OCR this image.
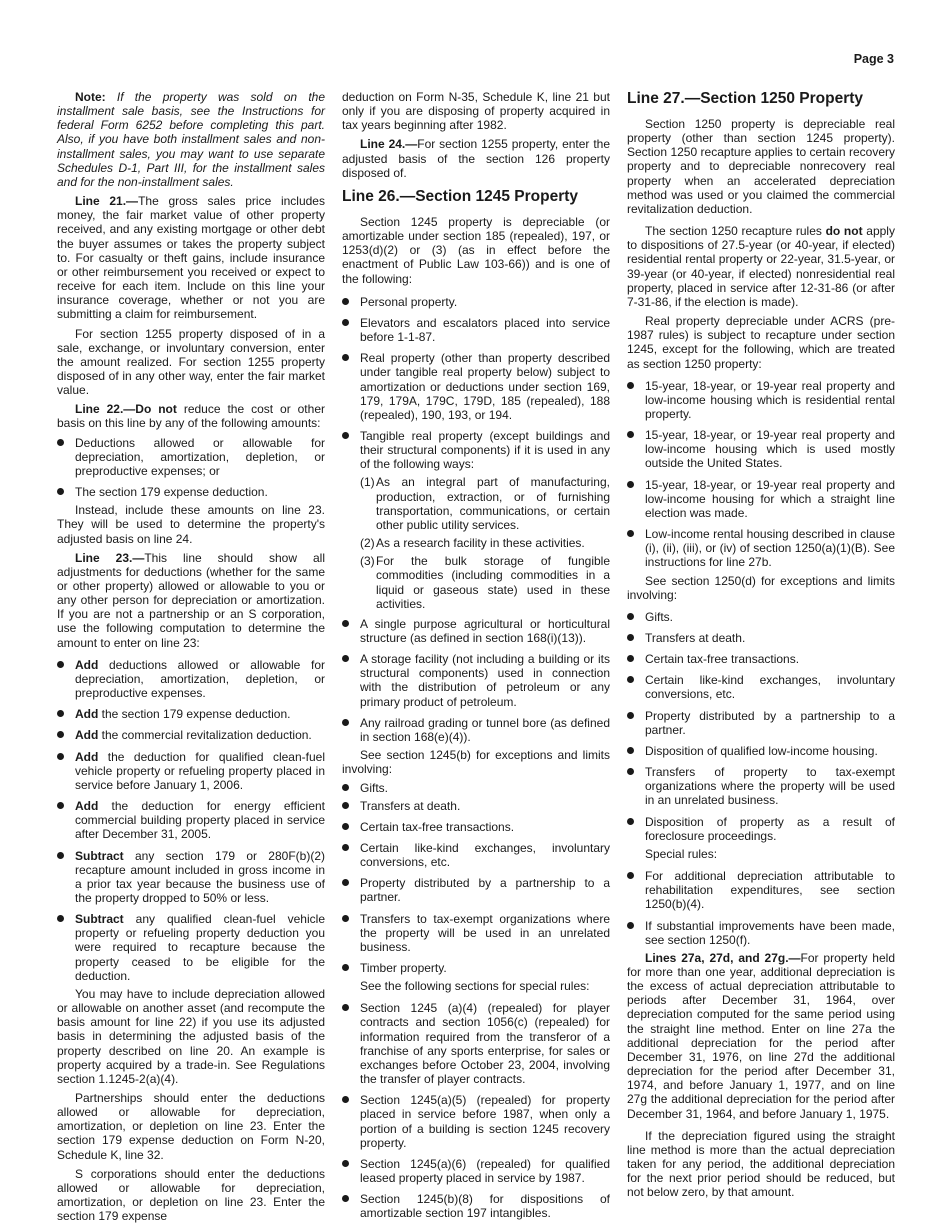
Page 3

Note: If the property was sold on the installment sale basis, see the Instructions for federal Form 6252 before completing this part. Also, if you have both installment sales and non-installment sales, you may want to use separate Schedules D-1, Part III, for the installment sales and for the non-installment sales.

Line 21.—The gross sales price includes money, the fair market value of other property received, and any existing mortgage or other debt the buyer assumes or takes the property subject to. For casualty or theft gains, include insurance or other reimbursement you received or expect to receive for each item. Include on this line your insurance coverage, whether or not you are submitting a claim for reimbursement.

For section 1255 property disposed of in a sale, exchange, or involuntary conversion, enter the amount realized. For section 1255 property disposed of in any other way, enter the fair market value.

Line 22.—Do not reduce the cost or other basis on this line by any of the following amounts:

Deductions allowed or allowable for depreciation, amortization, depletion, or preproductive expenses; or
The section 179 expense deduction.

Instead, include these amounts on line 23. They will be used to determine the property's adjusted basis on line 24.

Line 23.—This line should show all adjustments for deductions (whether for the same or other property) allowed or allowable to you or any other person for depreciation or amortization. If you are not a partnership or an S corporation, use the following computation to determine the amount to enter on line 23:

Add deductions allowed or allowable for depreciation, amortization, depletion, or preproductive expenses.
Add the section 179 expense deduction.
Add the commercial revitalization deduction.
Add the deduction for qualified clean-fuel vehicle property or refueling property placed in service before January 1, 2006.
Add the deduction for energy efficient commercial building property placed in service after December 31, 2005.
Subtract any section 179 or 280F(b)(2) recapture amount included in gross income in a prior tax year because the business use of the property dropped to 50% or less.
Subtract any qualified clean-fuel vehicle property or refueling property deduction you were required to recapture because the property ceased to be eligible for the deduction.

You may have to include depreciation allowed or allowable on another asset (and recompute the basis amount for line 22) if you use its adjusted basis in determining the adjusted basis of the property described on line 20. An example is property acquired by a trade-in. See Regulations section 1.1245-2(a)(4).

Partnerships should enter the deductions allowed or allowable for depreciation, amortization, or depletion on line 23. Enter the section 179 expense deduction on Form N-20, Schedule K, line 32.

S corporations should enter the deductions allowed or allowable for depreciation, amortization, or depletion on line 23. Enter the section 179 expense

deduction on Form N-35, Schedule K, line 21 but only if you are disposing of property acquired in tax years beginning after 1982.

Line 24.—For section 1255 property, enter the adjusted basis of the section 126 property disposed of.

Line 26.—Section 1245 Property

Section 1245 property is depreciable (or amortizable under section 185 (repealed), 197, or 1253(d)(2) or (3) (as in effect before the enactment of Public Law 103-66)) and is one of the following:

Personal property.
Elevators and escalators placed into service before 1-1-87.
Real property (other than property described under tangible real property below) subject to amortization or deductions under section 169, 179, 179A, 179C, 179D, 185 (repealed), 188 (repealed), 190, 193, or 194.
Tangible real property (except buildings and their structural components) if it is used in any of the following ways:
(1) As an integral part of manufacturing, production, extraction, or of furnishing transportation, communications, or certain other public utility services.
(2) As a research facility in these activities.
(3) For the bulk storage of fungible commodities (including commodities in a liquid or gaseous state) used in these activities.
A single purpose agricultural or horticultural structure (as defined in section 168(i)(13)).
A storage facility (not including a building or its structural components) used in connection with the distribution of petroleum or any primary product of petroleum.
Any railroad grading or tunnel bore (as defined in section 168(e)(4)).

See section 1245(b) for exceptions and limits involving:

Gifts.
Transfers at death.
Certain tax-free transactions.
Certain like-kind exchanges, involuntary conversions, etc.
Property distributed by a partnership to a partner.
Transfers to tax-exempt organizations where the property will be used in an unrelated business.
Timber property.

See the following sections for special rules:

Section 1245 (a)(4) (repealed) for player contracts and section 1056(c) (repealed) for information required from the transferor of a franchise of any sports enterprise, for sales or exchanges before October 23, 2004, involving the transfer of player contracts.
Section 1245(a)(5) (repealed) for property placed in service before 1987, when only a portion of a building is section 1245 recovery property.
Section 1245(a)(6) (repealed) for qualified leased property placed in service by 1987.
Section 1245(b)(8) for dispositions of amortizable section 197 intangibles.
Line 27.—Section 1250 Property

Section 1250 property is depreciable real property (other than section 1245 property). Section 1250 recapture applies to certain recovery property and to depreciable nonrecovery real property when an accelerated depreciation method was used or you claimed the commercial revitalization deduction.

The section 1250 recapture rules do not apply to dispositions of 27.5-year (or 40-year, if elected) residential rental property or 22-year, 31.5-year, or 39-year (or 40-year, if elected) nonresidential real property, placed in service after 12-31-86 (or after 7-31-86, if the election is made).

Real property depreciable under ACRS (pre-1987 rules) is subject to recapture under section 1245, except for the following, which are treated as section 1250 property:

15-year, 18-year, or 19-year real property and low-income housing which is residential rental property.
15-year, 18-year, or 19-year real property and low-income housing which is used mostly outside the United States.
15-year, 18-year, or 19-year real property and low-income housing for which a straight line election was made.
Low-income rental housing described in clause (i), (ii), (iii), or (iv) of section 1250(a)(1)(B). See instructions for line 27b.

See section 1250(d) for exceptions and limits involving:

Gifts.
Transfers at death.
Certain tax-free transactions.
Certain like-kind exchanges, involuntary conversions, etc.
Property distributed by a partnership to a partner.
Disposition of qualified low-income housing.
Transfers of property to tax-exempt organizations where the property will be used in an unrelated business.
Disposition of property as a result of foreclosure proceedings.

Special rules:

For additional depreciation attributable to rehabilitation expenditures, see section 1250(b)(4).
If substantial improvements have been made, see section 1250(f).

Lines 27a, 27d, and 27g.—For property held for more than one year, additional depreciation is the excess of actual depreciation attributable to periods after December 31, 1964, over depreciation computed for the same period using the straight line method. Enter on line 27a the additional depreciation for the period after December 31, 1976, on line 27d the additional depreciation for the period after December 31, 1974, and before January 1, 1977, and on line 27g the additional depreciation for the period after December 31, 1964, and before January 1, 1975.

If the depreciation figured using the straight line method is more than the actual depreciation taken for any period, the additional depreciation for the next prior period should be reduced, but not below zero, by that amount.
